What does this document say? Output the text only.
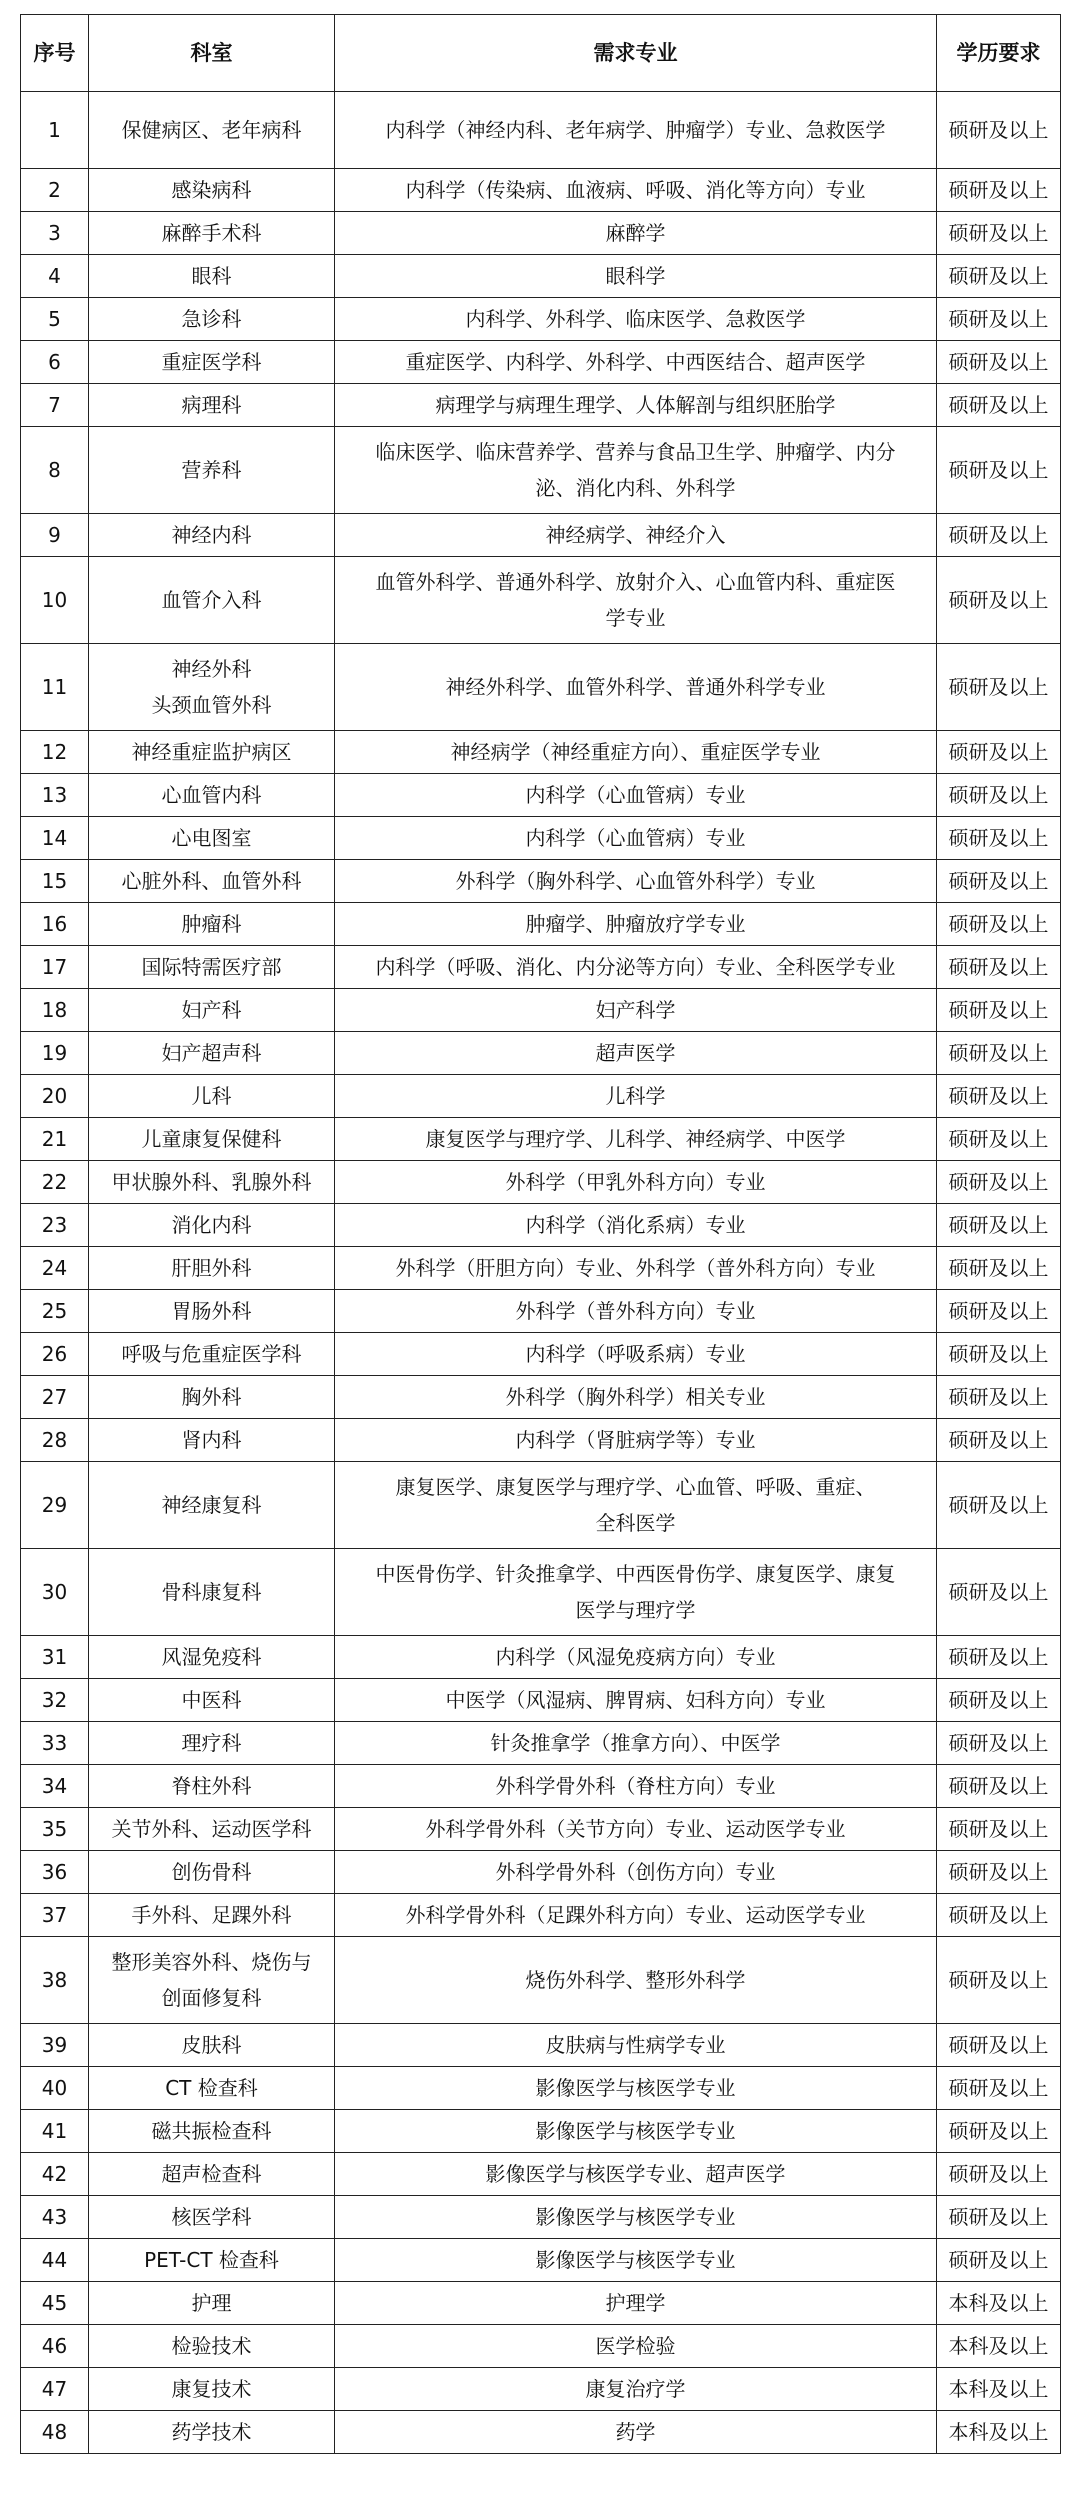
序号	科室	需求专业	学历要求
1	保健病区、老年病科	内科学（神经内科、老年病学、肿瘤学）专业、急救医学	硕研及以上
2	感染病科	内科学（传染病、血液病、呼吸、消化等方向）专业	硕研及以上
3	麻醉手术科	麻醉学	硕研及以上
4	眼科	眼科学	硕研及以上
5	急诊科	内科学、外科学、临床医学、急救医学	硕研及以上
6	重症医学科	重症医学、内科学、外科学、中西医结合、超声医学	硕研及以上
7	病理科	病理学与病理生理学、人体解剖与组织胚胎学	硕研及以上
8	营养科	临床医学、临床营养学、营养与食品卫生学、肿瘤学、内分
泌、消化内科、外科学	硕研及以上
9	神经内科	神经病学、神经介入	硕研及以上
10	血管介入科	血管外科学、普通外科学、放射介入、心血管内科、重症医
学专业	硕研及以上
11	神经外科
头颈血管外科	神经外科学、血管外科学、普通外科学专业	硕研及以上
12	神经重症监护病区	神经病学（神经重症方向）、重症医学专业	硕研及以上
13	心血管内科	内科学（心血管病）专业	硕研及以上
14	心电图室	内科学（心血管病）专业	硕研及以上
15	心脏外科、血管外科	外科学（胸外科学、心血管外科学）专业	硕研及以上
16	肿瘤科	肿瘤学、肿瘤放疗学专业	硕研及以上
17	国际特需医疗部	内科学（呼吸、消化、内分泌等方向）专业、全科医学专业	硕研及以上
18	妇产科	妇产科学	硕研及以上
19	妇产超声科	超声医学	硕研及以上
20	儿科	儿科学	硕研及以上
21	儿童康复保健科	康复医学与理疗学、儿科学、神经病学、中医学	硕研及以上
22	甲状腺外科、乳腺外科	外科学（甲乳外科方向）专业	硕研及以上
23	消化内科	内科学（消化系病）专业	硕研及以上
24	肝胆外科	外科学（肝胆方向）专业、外科学（普外科方向）专业	硕研及以上
25	胃肠外科	外科学（普外科方向）专业	硕研及以上
26	呼吸与危重症医学科	内科学（呼吸系病）专业	硕研及以上
27	胸外科	外科学（胸外科学）相关专业	硕研及以上
28	肾内科	内科学（肾脏病学等）专业	硕研及以上
29	神经康复科	康复医学、康复医学与理疗学、心血管、呼吸、重症、
全科医学	硕研及以上
30	骨科康复科	中医骨伤学、针灸推拿学、中西医骨伤学、康复医学、康复
医学与理疗学	硕研及以上
31	风湿免疫科	内科学（风湿免疫病方向）专业	硕研及以上
32	中医科	中医学（风湿病、脾胃病、妇科方向）专业	硕研及以上
33	理疗科	针灸推拿学（推拿方向）、中医学	硕研及以上
34	脊柱外科	外科学骨外科（脊柱方向）专业	硕研及以上
35	关节外科、运动医学科	外科学骨外科（关节方向）专业、运动医学专业	硕研及以上
36	创伤骨科	外科学骨外科（创伤方向）专业	硕研及以上
37	手外科、足踝外科	外科学骨外科（足踝外科方向）专业、运动医学专业	硕研及以上
38	整形美容外科、烧伤与
创面修复科	烧伤外科学、整形外科学	硕研及以上
39	皮肤科	皮肤病与性病学专业	硕研及以上
40	CT 检查科	影像医学与核医学专业	硕研及以上
41	磁共振检查科	影像医学与核医学专业	硕研及以上
42	超声检查科	影像医学与核医学专业、超声医学	硕研及以上
43	核医学科	影像医学与核医学专业	硕研及以上
44	PET-CT 检查科	影像医学与核医学专业	硕研及以上
45	护理	护理学	本科及以上
46	检验技术	医学检验	本科及以上
47	康复技术	康复治疗学	本科及以上
48	药学技术	药学	本科及以上
